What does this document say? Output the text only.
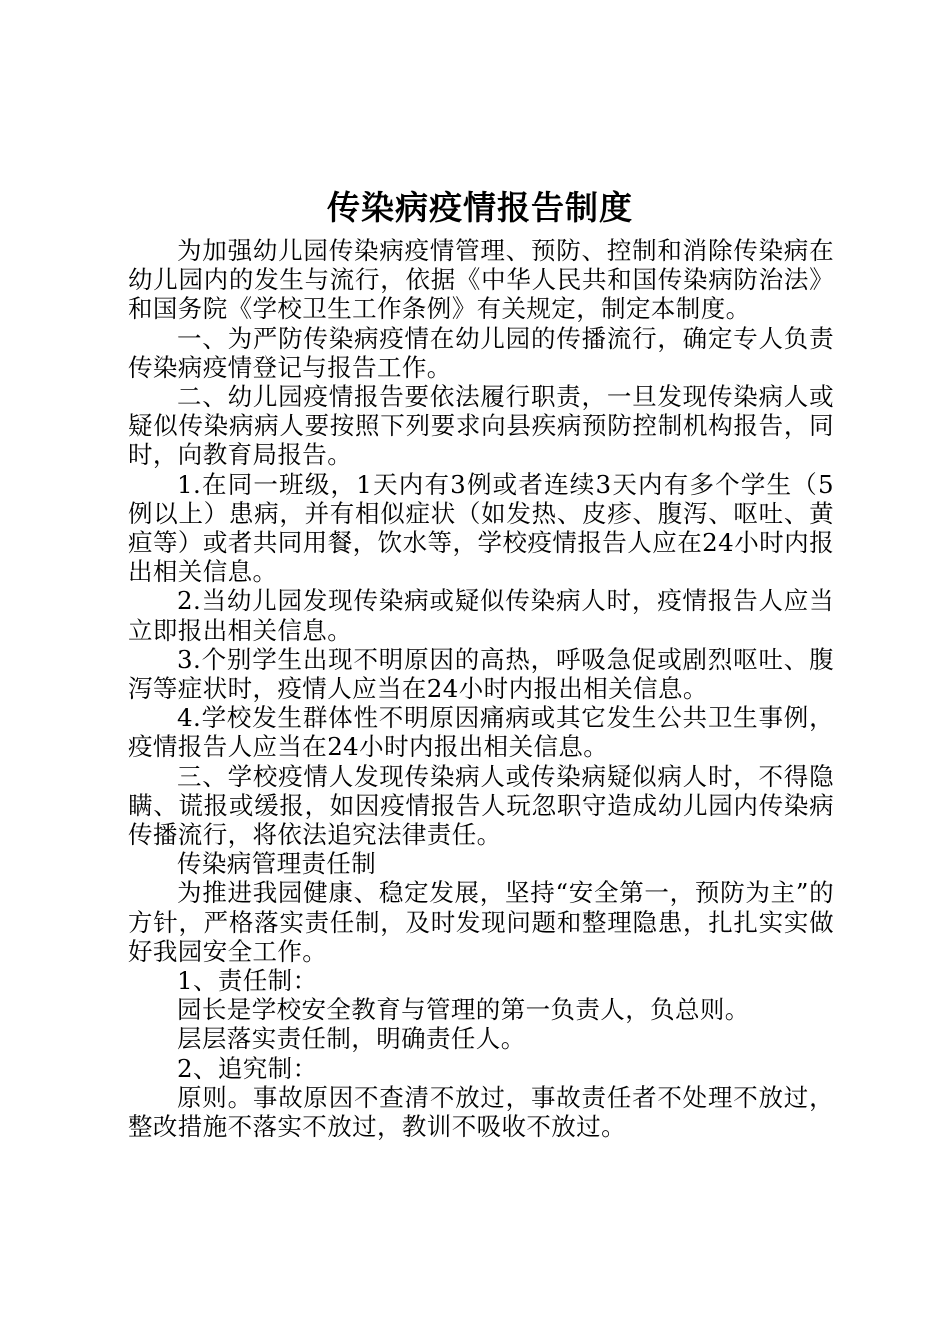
传染病疫情报告制度

为加强幼儿园传染病疫情管理、预防、控制和消除传染病在幼儿园内的发生与流行，依据《中华人民共和国传染病防治法》和国务院《学校卫生工作条例》有关规定，制定本制度。

一、为严防传染病疫情在幼儿园的传播流行，确定专人负责传染病疫情登记与报告工作。

二、幼儿园疫情报告要依法履行职责，一旦发现传染病人或疑似传染病病人要按照下列要求向县疾病预防控制机构报告，同时，向教育局报告。

1.在同一班级，1天内有3例或者连续3天内有多个学生（5例以上）患病，并有相似症状（如发热、皮疹、腹泻、呕吐、黄疸等）或者共同用餐，饮水等，学校疫情报告人应在24小时内报出相关信息。

2.当幼儿园发现传染病或疑似传染病人时，疫情报告人应当立即报出相关信息。

3.个别学生出现不明原因的高热，呼吸急促或剧烈呕吐、腹泻等症状时，疫情人应当在24小时内报出相关信息。

4.学校发生群体性不明原因痛病或其它发生公共卫生事例，疫情报告人应当在24小时内报出相关信息。

三、学校疫情人发现传染病人或传染病疑似病人时，不得隐瞒、谎报或缓报，如因疫情报告人玩忽职守造成幼儿园内传染病传播流行，将依法追究法律责任。

传染病管理责任制

为推进我园健康、稳定发展，坚持“安全第一，预防为主”的方针，严格落实责任制，及时发现问题和整理隐患，扎扎实实做好我园安全工作。

1、责任制：

园长是学校安全教育与管理的第一负责人，负总则。

层层落实责任制，明确责任人。

2、追究制：

原则。事故原因不查清不放过，事故责任者不处理不放过，整改措施不落实不放过，教训不吸收不放过。
